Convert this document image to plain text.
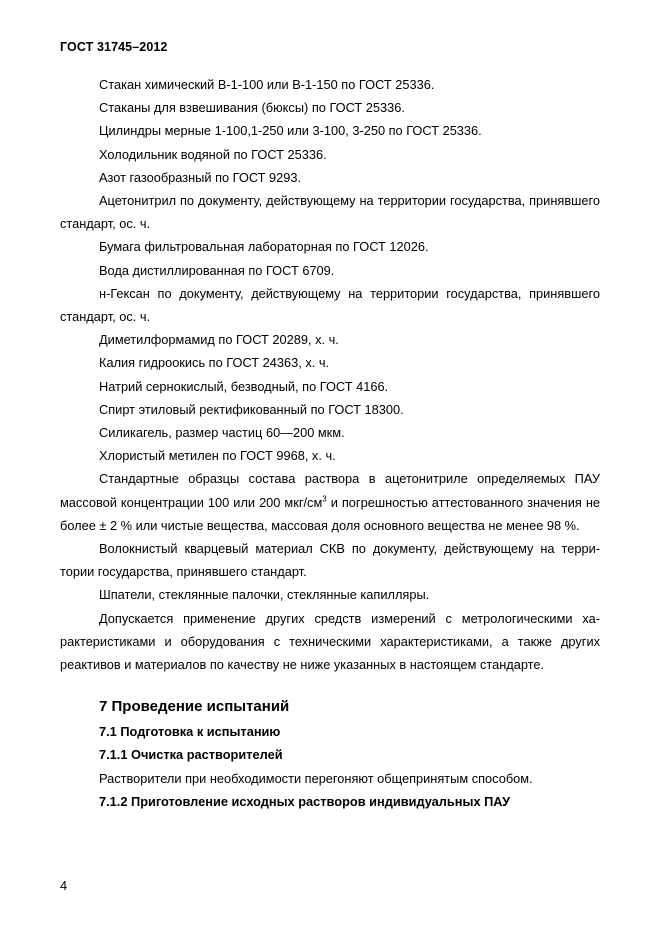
ГОСТ 31745–2012

Стакан химический В-1-100 или В-1-150 по ГОСТ 25336.

Стаканы для взвешивания (бюксы) по ГОСТ 25336.

Цилиндры мерные 1-100,1-250 или 3-100, 3-250 по ГОСТ 25336.

Холодильник водяной по ГОСТ 25336.

Азот газообразный по ГОСТ 9293.

Ацетонитрил по документу, действующему на территории государства, принявшего стандарт, ос. ч.

Бумага фильтровальная лабораторная по ГОСТ 12026.

Вода дистиллированная по ГОСТ 6709.

н-Гексан по документу, действующему на территории государства, принявшего стандарт, ос. ч.

Диметилформамид по ГОСТ 20289, х. ч.

Калия гидроокись по ГОСТ 24363, х. ч.

Натрий сернокислый, безводный, по ГОСТ 4166.

Спирт этиловый ректификованный по ГОСТ 18300.

Силикагель, размер частиц 60—200 мкм.

Хлористый метилен по ГОСТ 9968, х. ч.

Стандартные образцы состава раствора в ацетонитриле определяемых ПАУ массовой концентрации 100 или 200 мкг/$см^3$ и погрешностью аттестованного значения не более ± 2 % или чистые вещества, массовая доля основного вещества не менее 98 %.

Волокнистый кварцевый материал СКВ по документу, действующему на территории государства, принявшего стандарт.

Шпатели, стеклянные палочки, стеклянные капилляры.

Допускается применение других средств измерений с метрологическими характеристиками и оборудования с техническими характеристиками, а также других реактивов и материалов по качеству не ниже указанных в настоящем стандарте.

7 Проведение испытаний

7.1 Подготовка к испытанию

7.1.1 Очистка растворителей

Растворители при необходимости перегоняют общепринятым способом.

7.1.2 Приготовление исходных растворов индивидуальных ПАУ

4
